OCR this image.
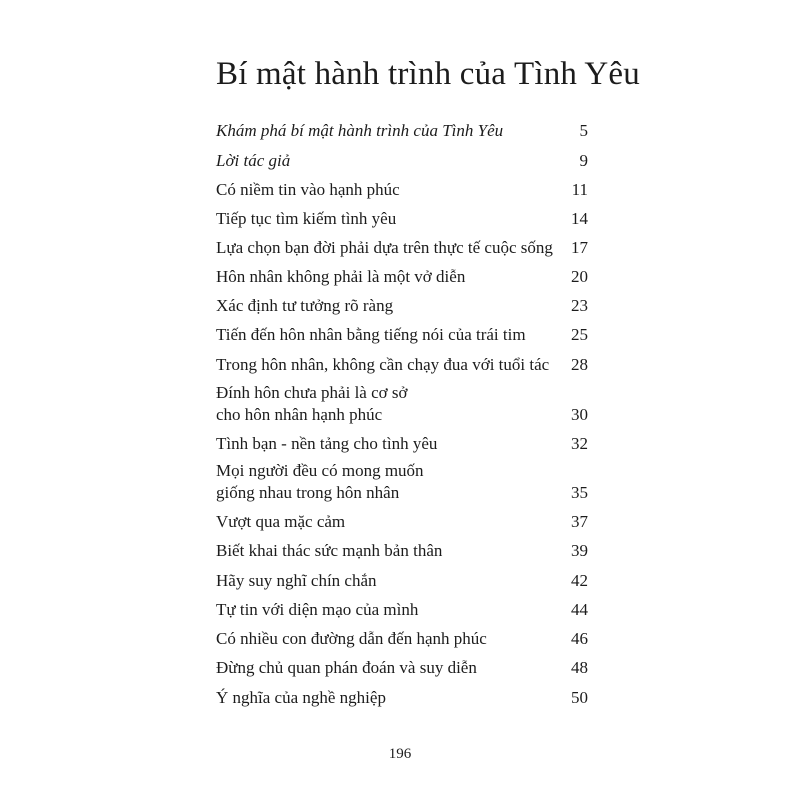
Bí mật hành trình của Tình Yêu
Khám phá bí mật hành trình của Tình Yêu	5
Lời tác giả	9
Có niềm tin vào hạnh phúc	11
Tiếp tục tìm kiếm tình yêu	14
Lựa chọn bạn đời phải dựa trên thực tế cuộc sống 17
Hôn nhân không phải là một vở diễn	20
Xác định tư tưởng rõ ràng	23
Tiến đến hôn nhân bằng tiếng nói của trái tim	25
Trong hôn nhân, không cần chạy đua với tuổi tác	28
Đính hôn chưa phải là cơ sở
cho hôn nhân hạnh phúc	30
Tình bạn - nền tảng cho tình yêu	32
Mọi người đều có mong muốn
giống nhau trong hôn nhân	35
Vượt qua mặc cảm	37
Biết khai thác sức mạnh bản thân	39
Hãy suy nghĩ chín chắn	42
Tự tin với diện mạo của mình	44
Có nhiều con đường dẫn đến hạnh phúc	46
Đừng chủ quan phán đoán và suy diễn	48
Ý nghĩa của nghề nghiệp	50
196
